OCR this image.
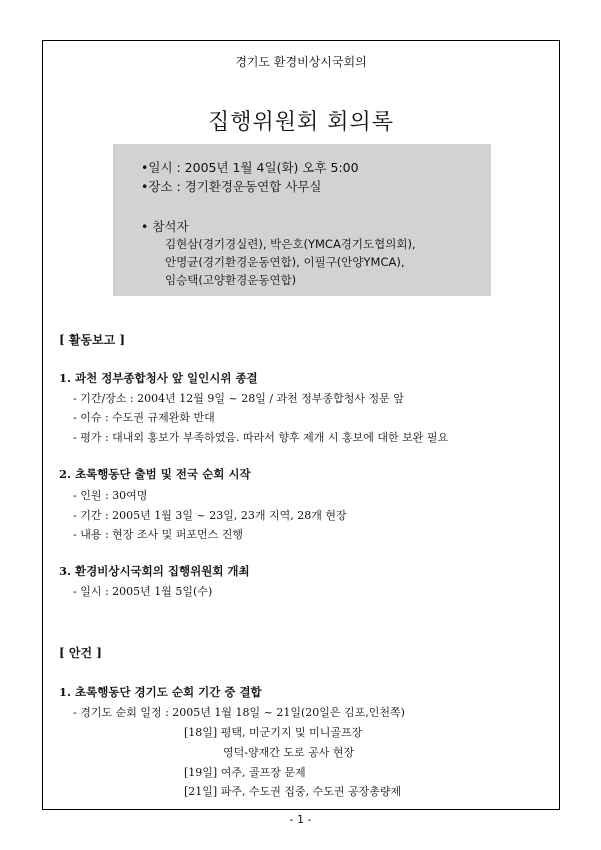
경기도 환경비상시국회의
집행위원회 회의록
•일시 : 2005년 1월 4일(화) 오후 5:00
•장소 : 경기환경운동연합 사무실
• 참석자
김현삼(경기경실련), 박은호(YMCA경기도협의회),
안명균(경기환경운동연합), 이필구(안양YMCA),
임승택(고양환경운동연합)
[ 활동보고 ]
1. 과천 정부종합청사 앞 일인시위 종결
- 기간/장소 : 2004년 12월 9일 ~ 28일 / 과천 정부종합청사 정문 앞
- 이슈 : 수도권 규제완화 반대
- 평가 : 대내외 홍보가 부족하였음. 따라서 향후 제개 시 홍보에 대한 보완 필요
2. 초록행동단 출범 및 전국 순회 시작
- 인원 : 30여명
- 기간 : 2005년 1월 3일 ~ 23일, 23개 지역, 28개 현장
- 내용 : 현장 조사 및 퍼포먼스 진행
3. 환경비상시국회의 집행위원회 개최
- 일시 : 2005년 1월 5일(수)
[ 안건 ]
1. 초록행동단 경기도 순회 기간 중 결합
- 경기도 순회 일정 : 2005년 1월 18일 ~ 21일(20일은 김포,인천쪽)
[18일] 평택, 미군기지 및 미니골프장
영덕-양재간 도로 공사 현장
[19일] 여주, 골프장 문제
[21일] 파주, 수도권 집중, 수도권 공장총량제
- 1 -
